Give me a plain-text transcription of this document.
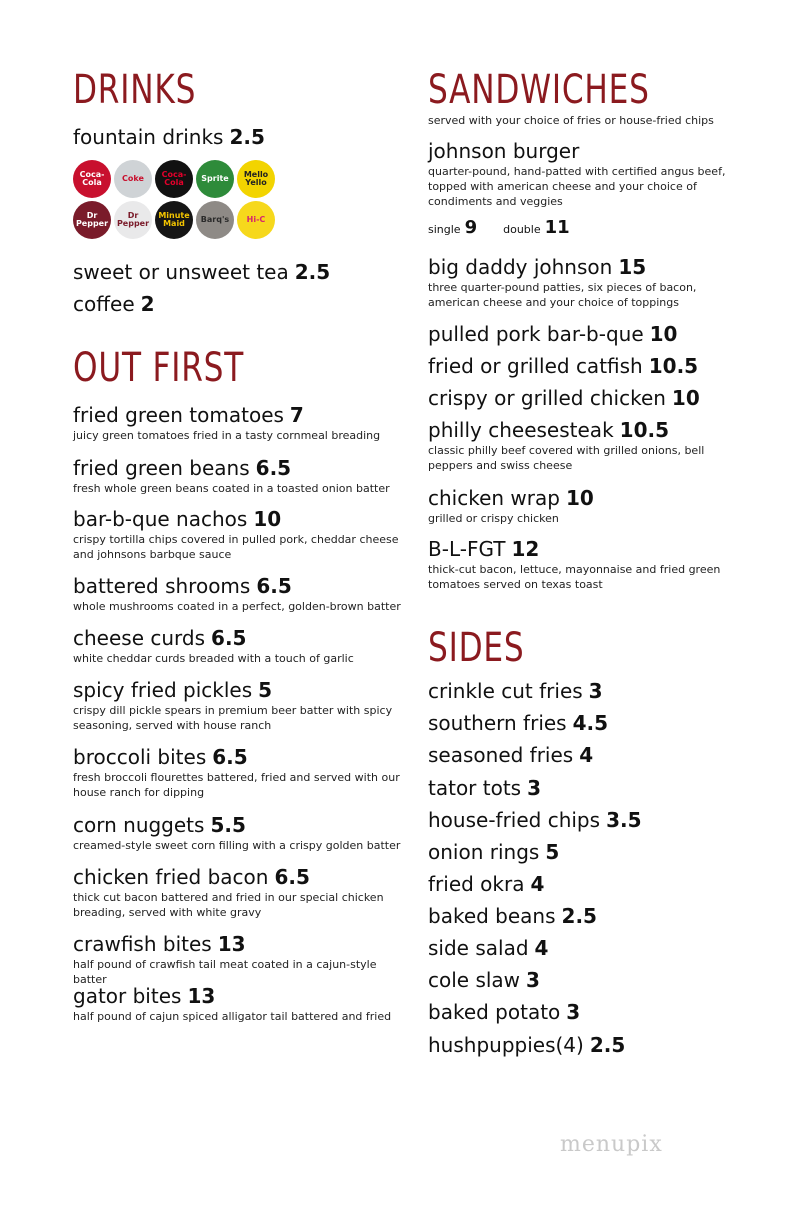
DRINKS
fountain drinks 2.5
Coca-Cola	Coke	Coca-Cola	Sprite	Mello Yello
Dr Pepper
Dr Pepper
Minute Maid	Barq's	Hi-C
sweet or unsweet tea 2.5
coffee 2
OUT FIRST
fried green tomatoes 7
juicy green tomatoes fried in a tasty cornmeal breading
fried green beans 6.5
fresh whole green beans coated in a toasted onion batter
bar-b-que nachos 10
crispy tortilla chips covered in pulled pork, cheddar cheese and johnsons barbque sauce
battered shrooms 6.5
whole mushrooms coated in a perfect, golden-brown batter
cheese curds 6.5
white cheddar curds breaded with a touch of garlic
spicy fried pickles 5
crispy dill pickle spears in premium beer batter with spicy seasoning, served with house ranch
broccoli bites 6.5
fresh broccoli flourettes battered, fried and served with our house ranch for dipping
corn nuggets 5.5
creamed-style sweet corn filling with a crispy golden batter
chicken fried bacon 6.5
thick cut bacon battered and fried in our special chicken breading, served with white gravy
crawfish bites 13
half pound of crawfish tail meat coated in a cajun-style batter
gator bites 13
half pound of cajun spiced alligator tail battered and fried
SANDWICHES
served with your choice of fries or house-fried chips
johnson burger
quarter-pound, hand-patted with certified angus beef, topped with american cheese and your choice of condiments and veggies
single 9 double 11
big daddy johnson 15
three quarter-pound patties, six pieces of bacon, american cheese and your choice of toppings
pulled pork bar-b-que 10
fried or grilled catfish 10.5
crispy or grilled chicken 10
philly cheesesteak 10.5
classic philly beef covered with grilled onions, bell peppers and swiss cheese
chicken wrap 10
grilled or crispy chicken
B-L-FGT 12
thick-cut bacon, lettuce, mayonnaise and fried green tomatoes served on texas toast
SIDES
crinkle cut fries 3
southern fries 4.5
seasoned fries 4
tator tots 3
house-fried chips 3.5
onion rings 5
fried okra 4
baked beans 2.5
side salad 4
cole slaw 3
baked potato 3
hushpuppies(4) 2.5
menupix
